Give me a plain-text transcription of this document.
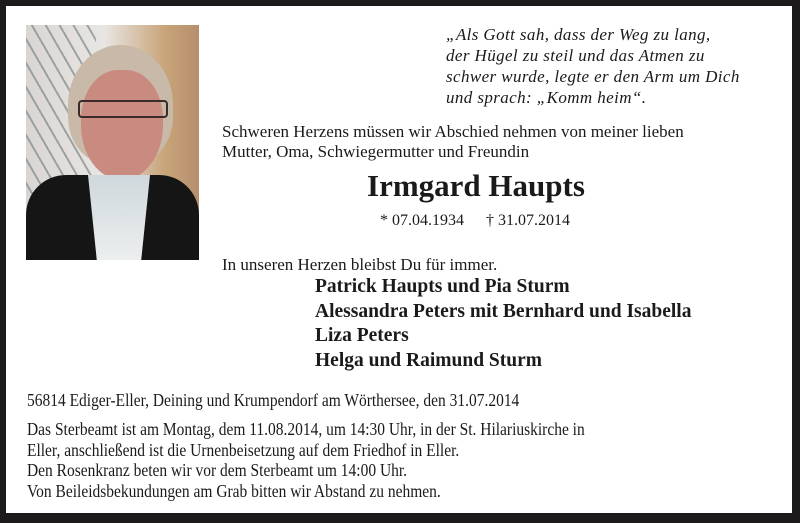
„Als Gott sah, dass der Weg zu lang,
der Hügel zu steil und das Atmen zu
schwer wurde, legte er den Arm um Dich
und sprach: „Komm heim“.
Schweren Herzens müssen wir Abschied nehmen von meiner lieben
Mutter, Oma, Schwiegermutter und Freundin
Irmgard Haupts
* 07.04.1934 † 31.07.2014
In unseren Herzen bleibst Du für immer.
Patrick Haupts und Pia Sturm
Alessandra Peters mit Bernhard und Isabella
Liza Peters
Helga und Raimund Sturm
56814 Ediger-Eller, Deining und Krumpendorf am Wörthersee, den 31.07.2014
Das Sterbeamt ist am Montag, dem 11.08.2014, um 14:30 Uhr, in der St. Hilariuskirche in
Eller, anschließend ist die Urnenbeisetzung auf dem Friedhof in Eller.
Den Rosenkranz beten wir vor dem Sterbeamt um 14:00 Uhr.
Von Beileidsbekundungen am Grab bitten wir Abstand zu nehmen.
